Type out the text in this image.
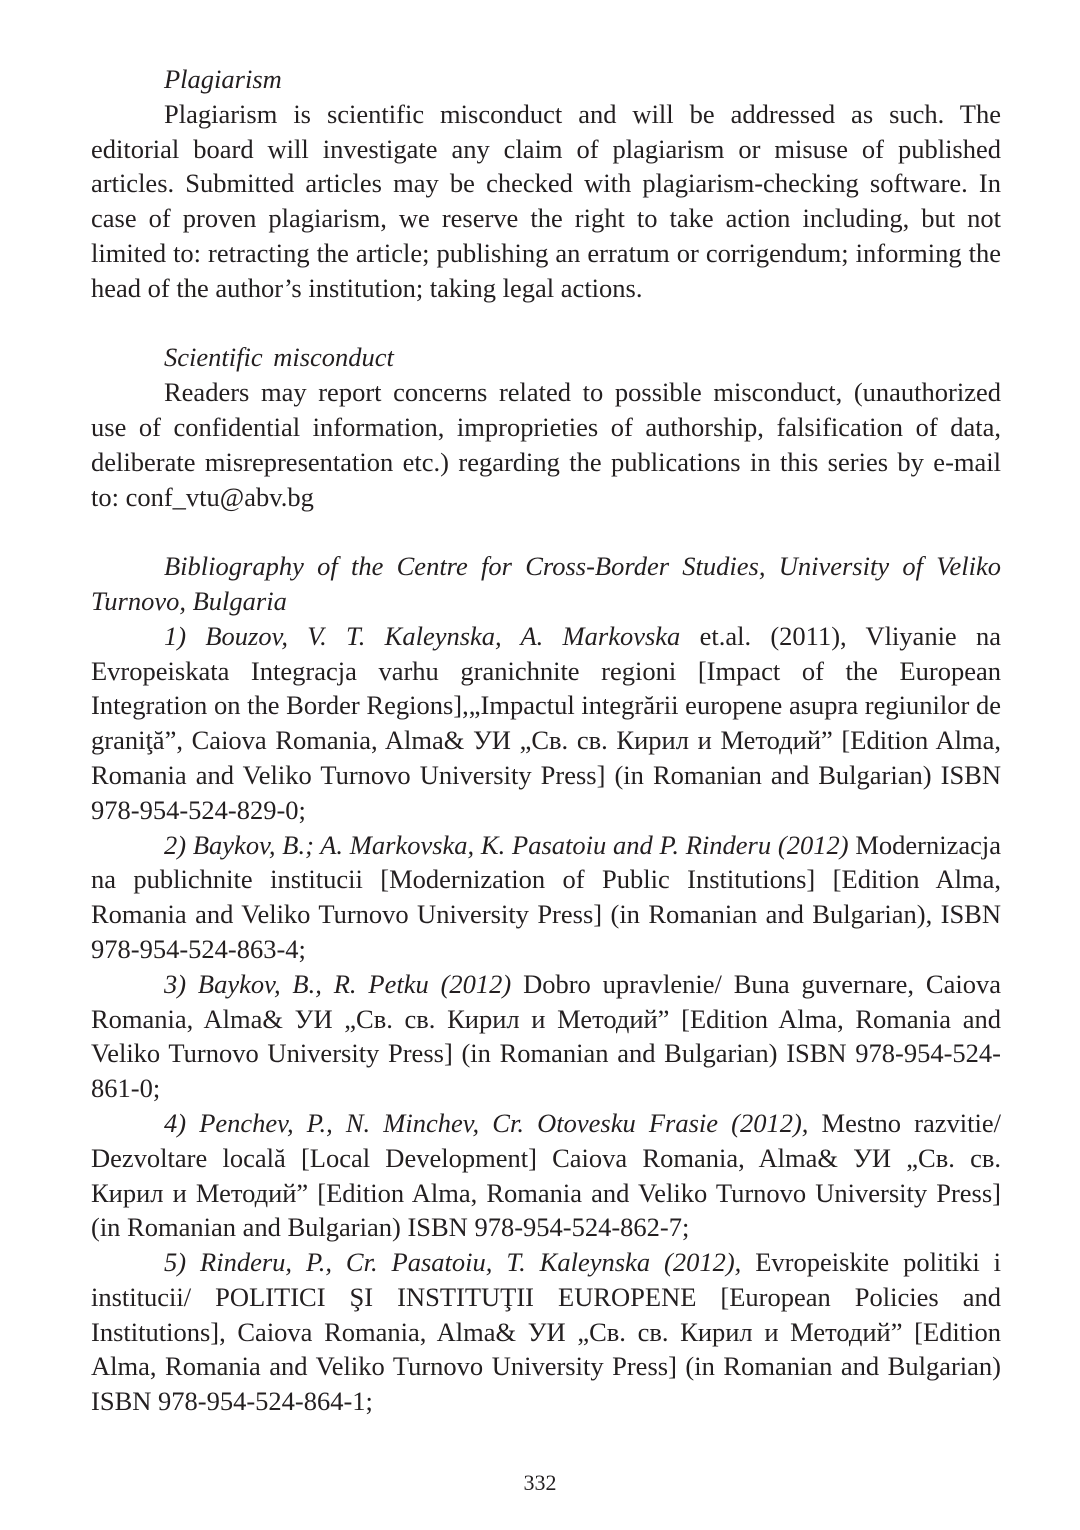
Plagiarism

Plagiarism is scientific misconduct and will be addressed as such. The editorial board will investigate any claim of plagiarism or misuse of published articles. Submitted articles may be checked with plagiarism-checking software. In case of proven plagiarism, we reserve the right to take action including, but not limited to: retracting the article; publishing an erratum or corrigendum; informing the head of the author’s institution; taking legal actions.

Scientific misconduct

Readers may report concerns related to possible misconduct, (unauthorized use of confidential information, improprieties of authorship, falsification of data, deliberate misrepresentation etc.) regarding the publications in this series by e-mail to: conf_vtu@abv.bg

Bibliography of the Centre for Cross-Border Studies, University of Veliko Turnovo, Bulgaria

1) Bouzov, V. T. Kaleynska, A. Markovska et.al. (2011), Vliyanie na Evropeiskata Integracja varhu granichnite regioni [Impact of the European Integration on the Border Regions],„Impactul integrării europene asupra regiunilor de graniţă”, Caiova Romania, Alma& УИ „Св. св. Кирил и Методий” [Edition Alma, Romania and Veliko Turnovo University Press] (in Romanian and Bulgarian) ISBN 978-954-524-829-0;

2) Baykov, B.; A. Markovska, K. Pasatoiu and P. Rinderu (2012) Modernizacja na publichnite institucii [Modernization of Public Institutions] [Edition Alma, Romania and Veliko Turnovo University Press] (in Romanian and Bulgarian), ISBN 978-954-524-863-4;

3) Baykov, B., R. Petku (2012) Dobro upravlenie/ Buna guvernare, Caiova Romania, Alma& УИ „Св. св. Кирил и Методий” [Edition Alma, Romania and Veliko Turnovo University Press] (in Romanian and Bulgarian) ISBN 978-954-524-861-0;

4) Penchev, P., N. Minchev, Cr. Otovesku Frasie (2012), Mestno razvitie/ Dezvoltare locală [Local Development] Caiova Romania, Alma& УИ „Св. св. Кирил и Методий” [Edition Alma, Romania and Veliko Turnovo University Press] (in Romanian and Bulgarian) ISBN 978-954-524-862-7;

5) Rinderu, P., Cr. Pasatoiu, T. Kaleynska (2012), Evropeiskite politiki i institucii/ POLITICI ŞI INSTITUŢII EUROPENE [European Policies and Institutions], Caiova Romania, Alma& УИ „Св. св. Кирил и Методий” [Edition Alma, Romania and Veliko Turnovo University Press] (in Romanian and Bulgarian) ISBN 978-954-524-864-1;

332
